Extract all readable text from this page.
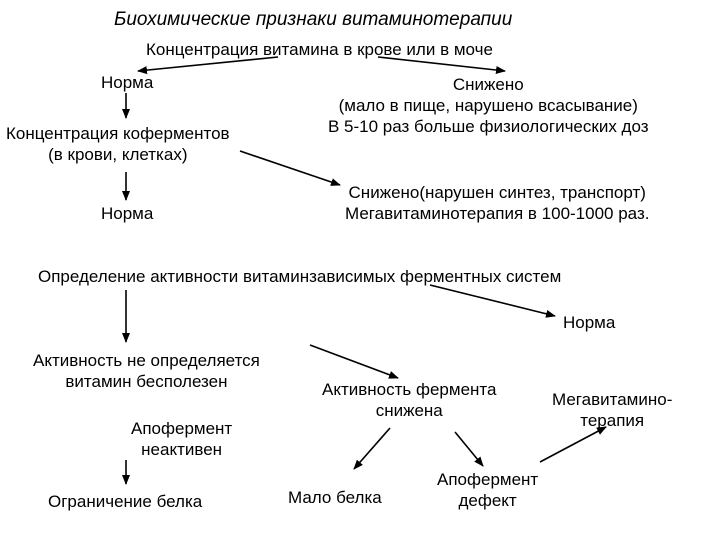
Биохимические признаки витаминотерапии
Концентрация витамина в крове или в моче
Норма	Снижено
(мало в пище, нарушено всасывание)
В 5-10 раз больше физиологических доз
Концентрация коферментов
(в крови, клетках)
Снижено(нарушен синтез, транспорт)
Мегавитаминотерапия в 100-1000 раз.
Норма
Определение активности витаминзависимых ферментных систем
Норма
Активность не определяется
витамин бесполезен	Активность фермента
снижена
Мегавитамино-
терапия
Апофермент
неактивен
Апофермент
дефект
Мало белка
Ограничение белка
